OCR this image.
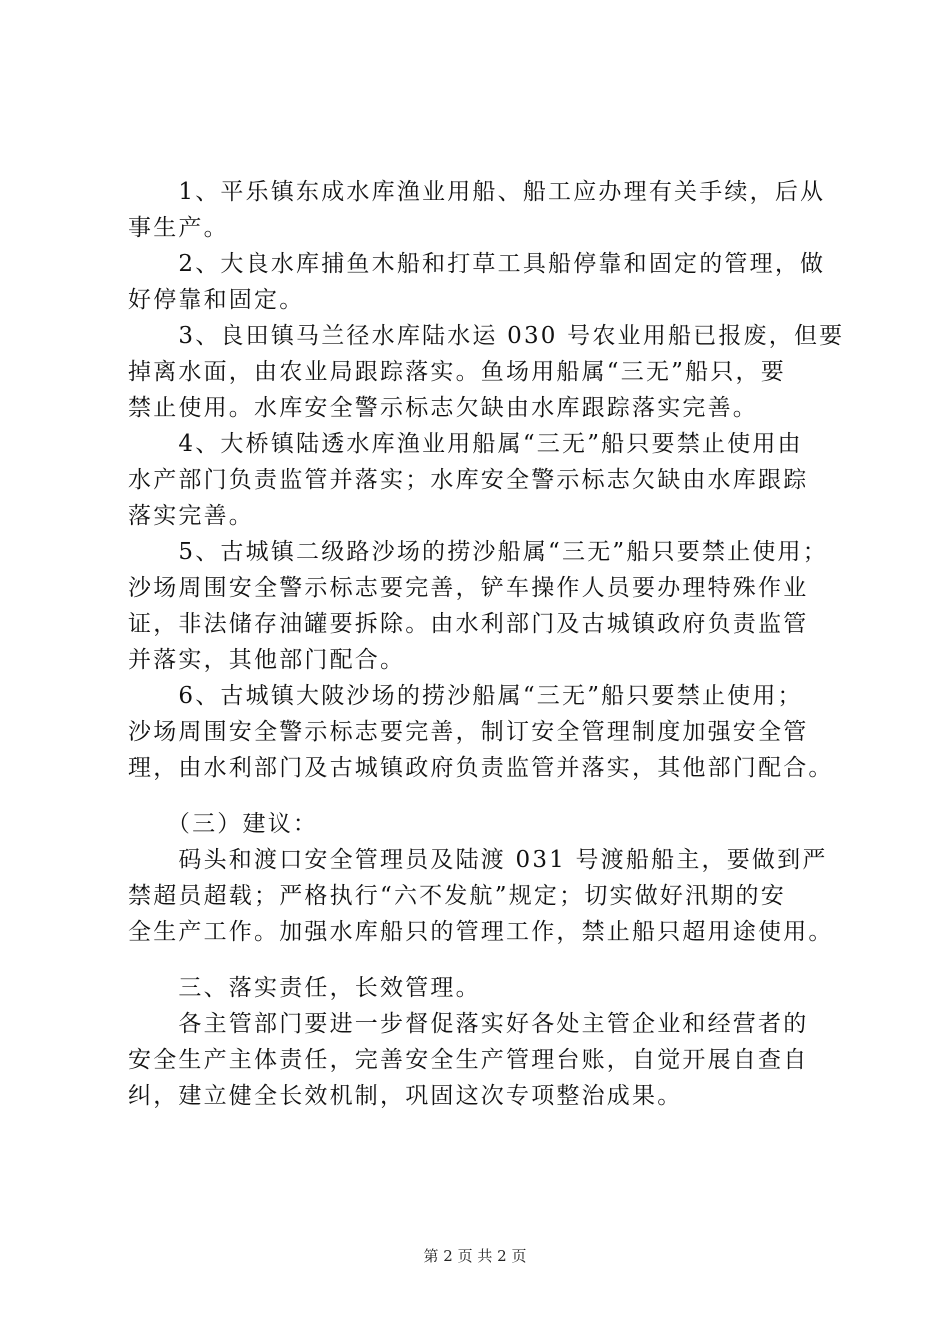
　　1、平乐镇东成水库渔业用船、船工应办理有关手续，后从
事生产。
　　2、大良水库捕鱼木船和打草工具船停靠和固定的管理，做
好停靠和固定。
　　3、良田镇马兰径水库陆水运 030 号农业用船已报废，但要
掉离水面，由农业局跟踪落实。鱼场用船属“三无”船只，要
禁止使用。水库安全警示标志欠缺由水库跟踪落实完善。
　　4、大桥镇陆透水库渔业用船属“三无”船只要禁止使用由
水产部门负责监管并落实；水库安全警示标志欠缺由水库跟踪
落实完善。
　　5、古城镇二级路沙场的捞沙船属“三无”船只要禁止使用；
沙场周围安全警示标志要完善，铲车操作人员要办理特殊作业
证，非法储存油罐要拆除。由水利部门及古城镇政府负责监管
并落实，其他部门配合。
　　6、古城镇大陂沙场的捞沙船属“三无”船只要禁止使用；
沙场周围安全警示标志要完善，制订安全管理制度加强安全管
理，由水利部门及古城镇政府负责监管并落实，其他部门配合。
　　（三）建议：
　　码头和渡口安全管理员及陆渡 031 号渡船船主，要做到严
禁超员超载；严格执行“六不发航”规定；切实做好汛期的安
全生产工作。加强水库船只的管理工作，禁止船只超用途使用。
　　三、落实责任，长效管理。
　　各主管部门要进一步督促落实好各处主管企业和经营者的
安全生产主体责任，完善安全生产管理台账，自觉开展自查自
纠，建立健全长效机制，巩固这次专项整治成果。
第 2 页 共 2 页
